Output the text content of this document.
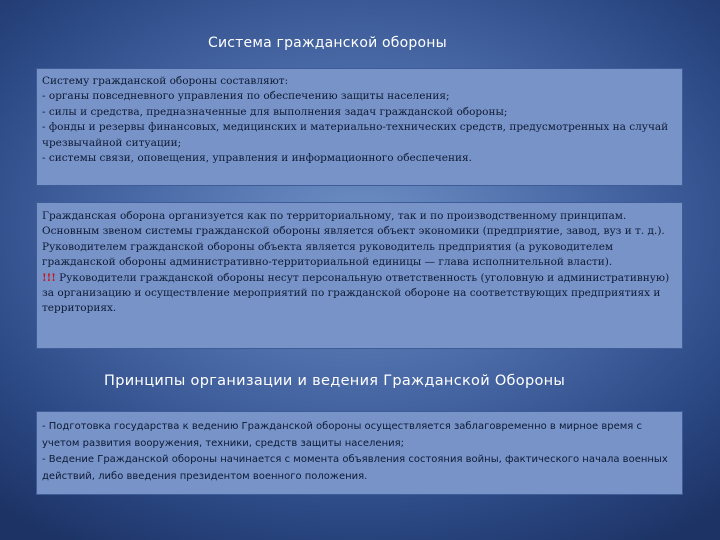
Система гражданской обороны
Систему гражданской обороны составляют:
- органы повседневного управления по обеспечению защиты населения;
- силы и средства, предназначенные для выполнения задач гражданской обороны;
- фонды и резервы финансовых, медицинских и материально-технических средств, предусмотренных на случай чрезвычайной ситуации;
- системы связи, оповещения, управления и информационного обеспечения.
Гражданская оборона организуется как по территориальному, так и по производственному принципам. Основным звеном системы гражданской обороны является объект экономики (предприятие, завод, вуз и т. д.).
Руководителем гражданской обороны объекта является руководитель предприятия (а руководителем гражданской обороны административно-территориальной единицы — глава исполнительной власти).
!!! Руководители гражданской обороны несут персональную ответственность (уголовную и административную) за организацию и осуществление мероприятий по гражданской обороне на соответствующих предприятиях и территориях.
Принципы организации и ведения Гражданской Обороны
- Подготовка государства к ведению Гражданской обороны осуществляется заблаговременно в мирное время с учетом развития вооружения, техники, средств защиты населения;
- Ведение Гражданской обороны начинается с момента объявления состояния войны, фактического начала военных действий, либо введения президентом военного положения.
